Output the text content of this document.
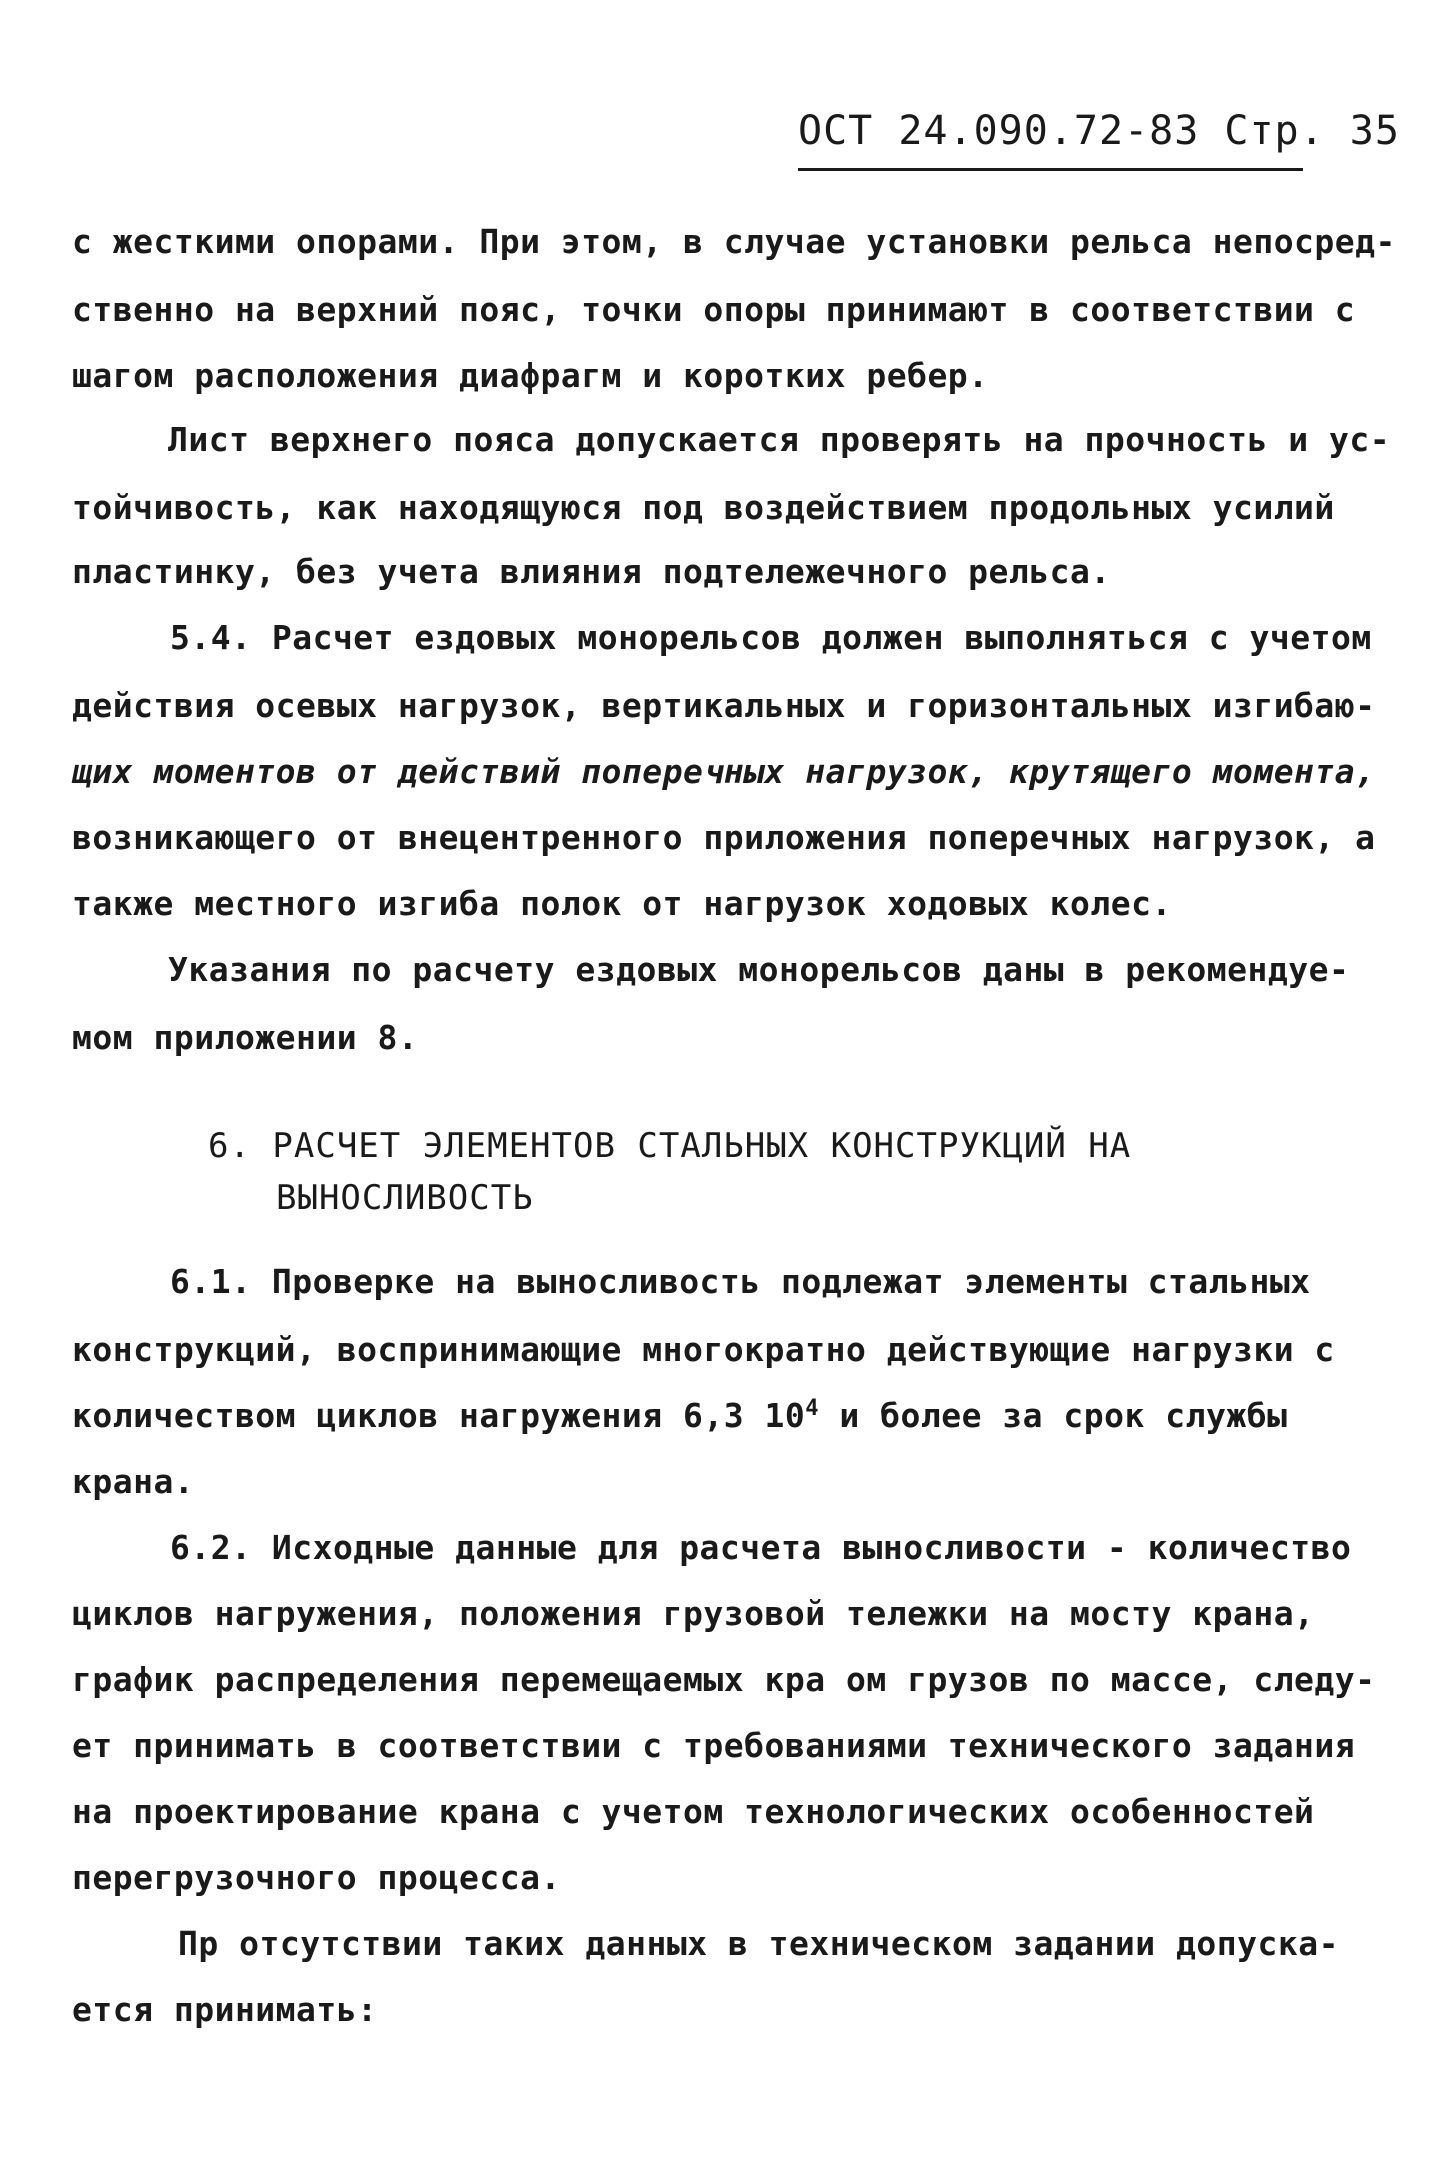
ОСТ 24.090.72-83 Стр. 35
с жесткими опорами. При этом, в случае установки рельса непосред-
ственно на верхний пояс, точки опоры принимают в соответствии с
шагом расположения диафрагм и коротких ребер.
Лист верхнего пояса допускается проверять на прочность и ус-
тойчивость, как находящуюся под воздействием продольных усилий
пластинку, без учета влияния подтележечного рельса.
5.4. Расчет ездовых монорельсов должен выполняться с учетом
действия осевых нагрузок, вертикальных и горизонтальных изгибаю-
щих моментов от действий поперечных нагрузок, крутящего момента,
возникающего от внецентренного приложения поперечных нагрузок, а
также местного изгиба полок от нагрузок ходовых колес.
Указания по расчету ездовых монорельсов даны в рекомендуе-
мом приложении 8.
6. РАСЧЕТ ЭЛЕМЕНТОВ СТАЛЬНЫХ КОНСТРУКЦИЙ НА
ВЫНОСЛИВОСТЬ
6.1. Проверке на выносливость подлежат элементы стальных
конструкций, воспринимающие многократно действующие нагрузки с
количеством циклов нагружения 6,3 $10^4$ и более за срок службы
крана.
6.2. Исходные данные для расчета выносливости - количество
циклов нагружения, положения грузовой тележки на мосту крана,
график распределения перемещаемых кра ом грузов по массе, следу-
ет принимать в соответствии с требованиями технического задания
на проектирование крана с учетом технологических особенностей
перегрузочного процесса.
Пр отсутствии таких данных в техническом задании допуска-
ется принимать:
